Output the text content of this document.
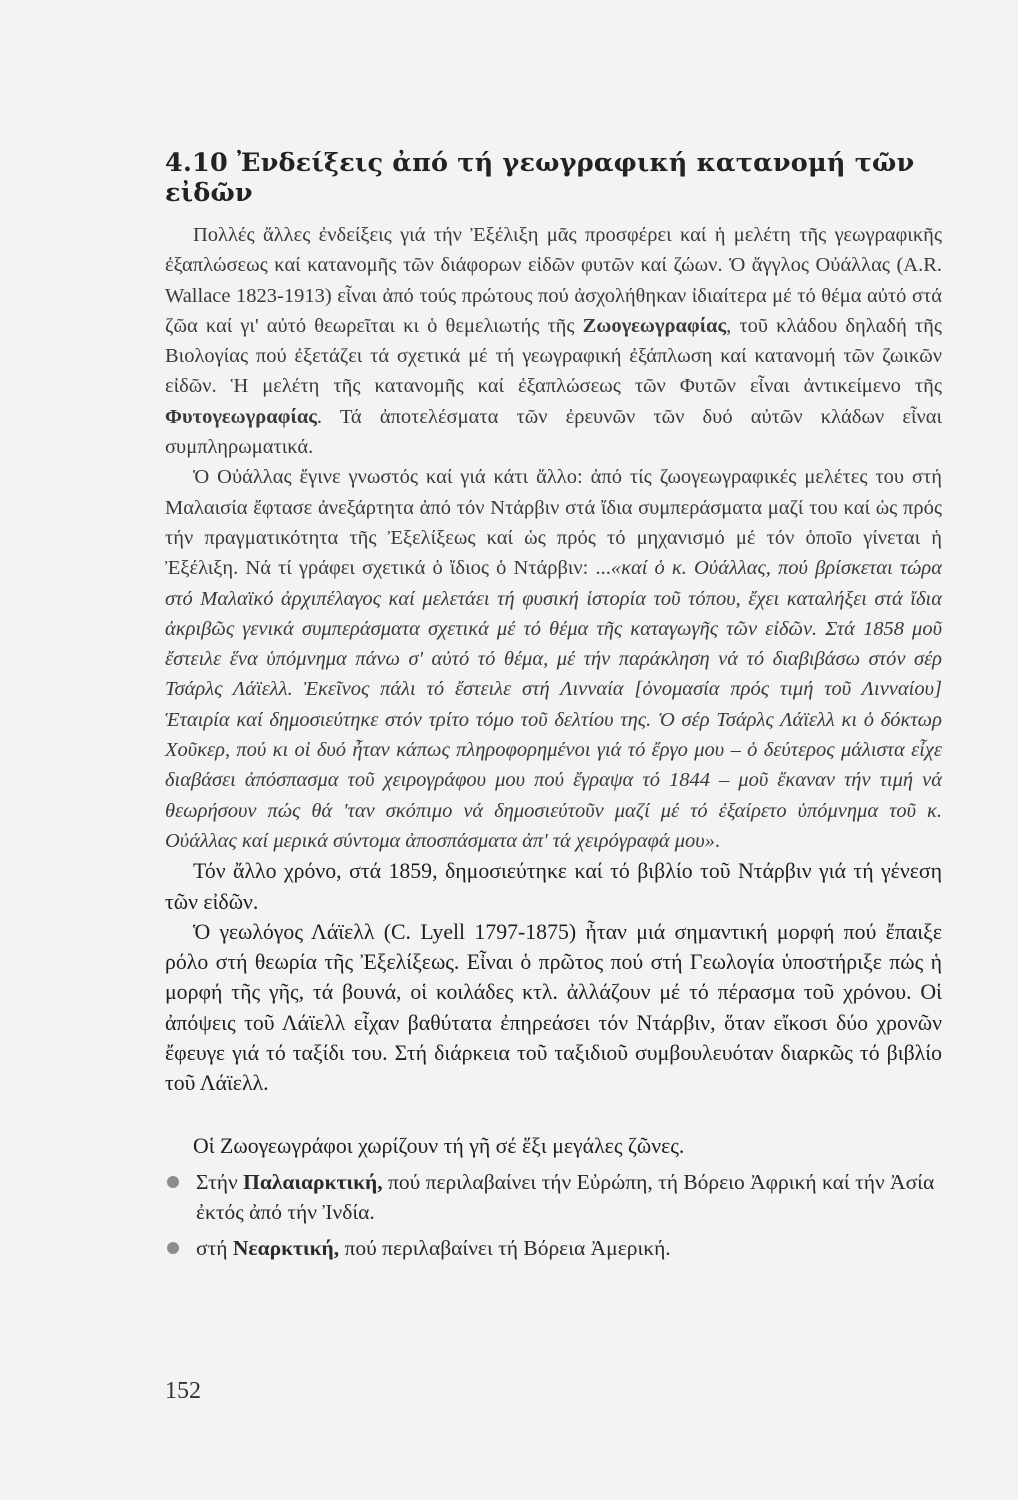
4.10 Ἐνδείξεις ἀπό τή γεωγραφική κατανομή τῶν εἰδῶν

Πολλές ἄλλες ἐνδείξεις γιά τήν Ἐξέλιξη μᾶς προσφέρει καί ἡ μελέτη τῆς γεωγραφικῆς ἐξαπλώσεως καί κατανομῆς τῶν διάφορων εἰδῶν φυτῶν καί ζώων. Ὁ ἄγγλος Οὐάλλας (A.R. Wallace 1823-1913) εἶναι ἀπό τούς πρώτους πού ἀσχολήθηκαν ἰδιαίτερα μέ τό θέμα αὐτό στά ζῶα καί γι' αὐτό θεωρεῖται κι ὁ θεμελιωτής τῆς Ζωογεωγραφίας, τοῦ κλάδου δηλαδή τῆς Βιολογίας πού ἐξετάζει τά σχετικά μέ τή γεωγραφική ἐξάπλωση καί κατανομή τῶν ζωικῶν εἰδῶν. Ἡ μελέτη τῆς κατανομῆς καί ἐξαπλώσεως τῶν Φυτῶν εἶναι ἀντικείμενο τῆς Φυτογεωγραφίας. Τά ἀποτελέσματα τῶν ἐρευνῶν τῶν δυό αὐτῶν κλάδων εἶναι συμπληρωματικά.

Ὁ Οὐάλλας ἔγινε γνωστός καί γιά κάτι ἄλλο: ἀπό τίς ζωογεωγραφικές μελέτες του στή Μαλαισία ἔφτασε ἀνεξάρτητα ἀπό τόν Ντάρβιν στά ἴδια συμπεράσματα μαζί του καί ὡς πρός τήν πραγματικότητα τῆς Ἐξελίξεως καί ὡς πρός τό μηχανισμό μέ τόν ὁποῖο γίνεται ἡ Ἐξέλιξη. Νά τί γράφει σχετικά ὁ ἴδιος ὁ Ντάρβιν: ...«καί ὁ κ. Οὐάλλας, πού βρίσκεται τώρα στό Μαλαϊκό ἀρχιπέλαγος καί μελετάει τή φυσική ἱστορία τοῦ τόπου, ἔχει καταλήξει στά ἴδια ἀκριβῶς γενικά συμπεράσματα σχετικά μέ τό θέμα τῆς καταγωγῆς τῶν εἰδῶν. Στά 1858 μοῦ ἔστειλε ἕνα ὑπόμνημα πάνω σ' αὐτό τό θέμα, μέ τήν παράκληση νά τό διαβιβάσω στόν σέρ Τσάρλς Λάϊελλ. Ἐκεῖνος πάλι τό ἔστειλε στή Λινναία [ὀνομασία πρός τιμή τοῦ Λινναίου] Ἑταιρία καί δημοσιεύτηκε στόν τρίτο τόμο τοῦ δελτίου της. Ὁ σέρ Τσάρλς Λάϊελλ κι ὁ δόκτωρ Χοῦκερ, πού κι οἱ δυό ἦταν κάπως πληροφορημένοι γιά τό ἔργο μου – ὁ δεύτερος μάλιστα εἶχε διαβάσει ἀπόσπασμα τοῦ χειρογράφου μου πού ἔγραψα τό 1844 – μοῦ ἔκαναν τήν τιμή νά θεωρήσουν πώς θά 'ταν σκόπιμο νά δημοσιεύτοῦν μαζί μέ τό ἐξαίρετο ὑπόμνημα τοῦ κ. Οὐάλλας καί μερικά σύντομα ἀποσπάσματα ἀπ' τά χειρόγραφά μου».

Τόν ἄλλο χρόνο, στά 1859, δημοσιεύτηκε καί τό βιβλίο τοῦ Ντάρβιν γιά τή γένεση τῶν εἰδῶν.

Ὁ γεωλόγος Λάϊελλ (C. Lyell 1797-1875) ἦταν μιά σημαντική μορφή πού ἔπαιξε ρόλο στή θεωρία τῆς Ἐξελίξεως. Εἶναι ὁ πρῶτος πού στή Γεωλογία ὑποστήριξε πώς ἡ μορφή τῆς γῆς, τά βουνά, οἱ κοιλάδες κτλ. ἀλλάζουν μέ τό πέρασμα τοῦ χρόνου. Οἱ ἀπόψεις τοῦ Λάϊελλ εἶχαν βαθύτατα ἐπηρεάσει τόν Ντάρβιν, ὅταν εἴκοσι δύο χρονῶν ἔφευγε γιά τό ταξίδι του. Στή διάρκεια τοῦ ταξιδιοῦ συμβουλευόταν διαρκῶς τό βιβλίο τοῦ Λάϊελλ.

Οἱ Ζωογεωγράφοι χωρίζουν τή γῆ σέ ἕξι μεγάλες ζῶνες.

Στήν Παλαιαρκτική, πού περιλαβαίνει τήν Εὐρώπη, τή Βόρειο Ἀφρική καί τήν Ἀσία ἐκτός ἀπό τήν Ἰνδία.
στή Νεαρκτική, πού περιλαβαίνει τή Βόρεια Ἀμερική.
152
